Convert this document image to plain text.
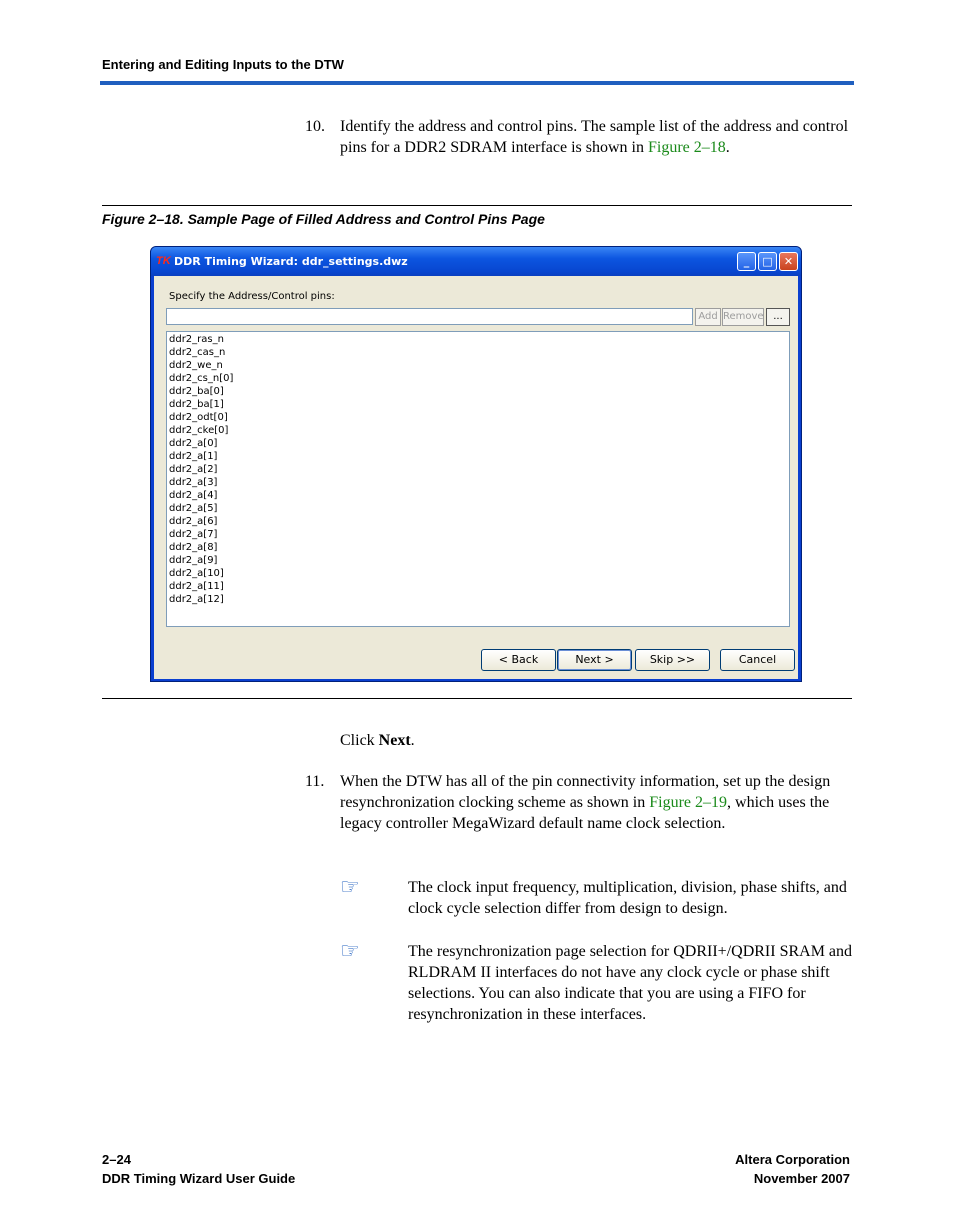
Entering and Editing Inputs to the DTW
10. Identify the address and control pins. The sample list of the address and control pins for a DDR2 SDRAM interface is shown in Figure 2–18.
Figure 2–18. Sample Page of Filled Address and Control Pins Page
TK DDR Timing Wizard: ddr_settings.dwz	_	□	✕
Specify the Address/Control pins:
Add Remove ...
ddr2_ras_n
ddr2_cas_n
ddr2_we_n
ddr2_cs_n[0]
ddr2_ba[0]
ddr2_ba[1]
ddr2_odt[0]
ddr2_cke[0]
ddr2_a[0]
ddr2_a[1]
ddr2_a[2]
ddr2_a[3]
ddr2_a[4]
ddr2_a[5]
ddr2_a[6]
ddr2_a[7]
ddr2_a[8]
ddr2_a[9]
ddr2_a[10]
ddr2_a[11]
ddr2_a[12]
< Back	Next >	Skip >>	Cancel
Click Next.
11. When the DTW has all of the pin connectivity information, set up the design resynchronization clocking scheme as shown in Figure 2–19, which uses the legacy controller MegaWizard default name clock selection.
☞	The clock input frequency, multiplication, division, phase shifts, and clock cycle selection differ from design to design.
☞	The resynchronization page selection for QDRII+/QDRII SRAM and RLDRAM II interfaces do not have any clock cycle or phase shift selections. You can also indicate that you are using a FIFO for resynchronization in these interfaces.
2–24
DDR Timing Wizard User Guide
Altera Corporation
November 2007
